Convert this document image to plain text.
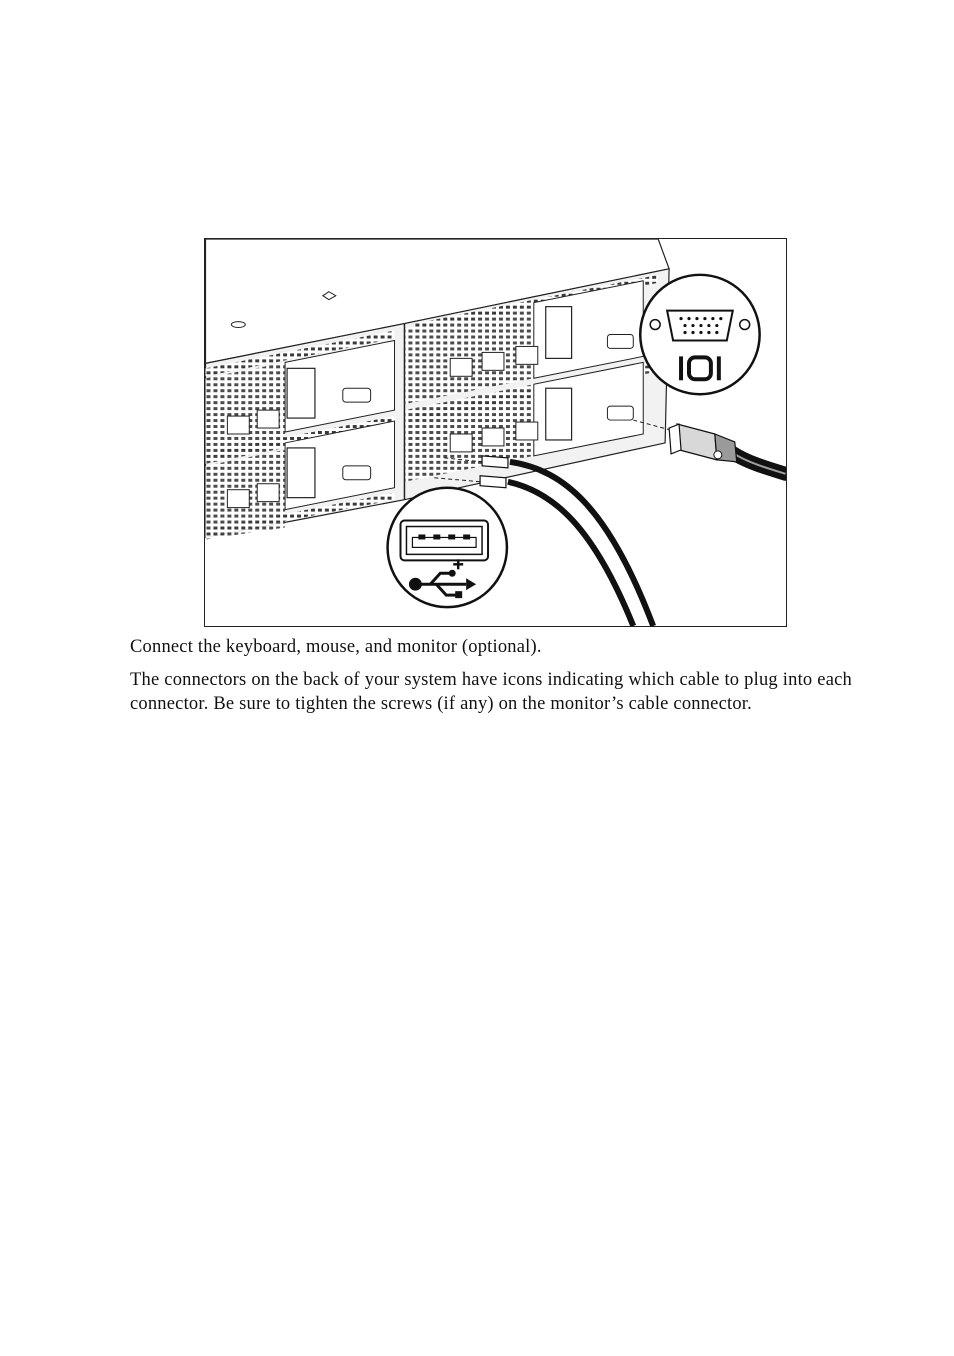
Connect the keyboard, mouse, and monitor (optional).

The connectors on the back of your system have icons indicating which cable to plug into each connector. Be sure to tighten the screws (if any) on the monitor’s cable connector.
